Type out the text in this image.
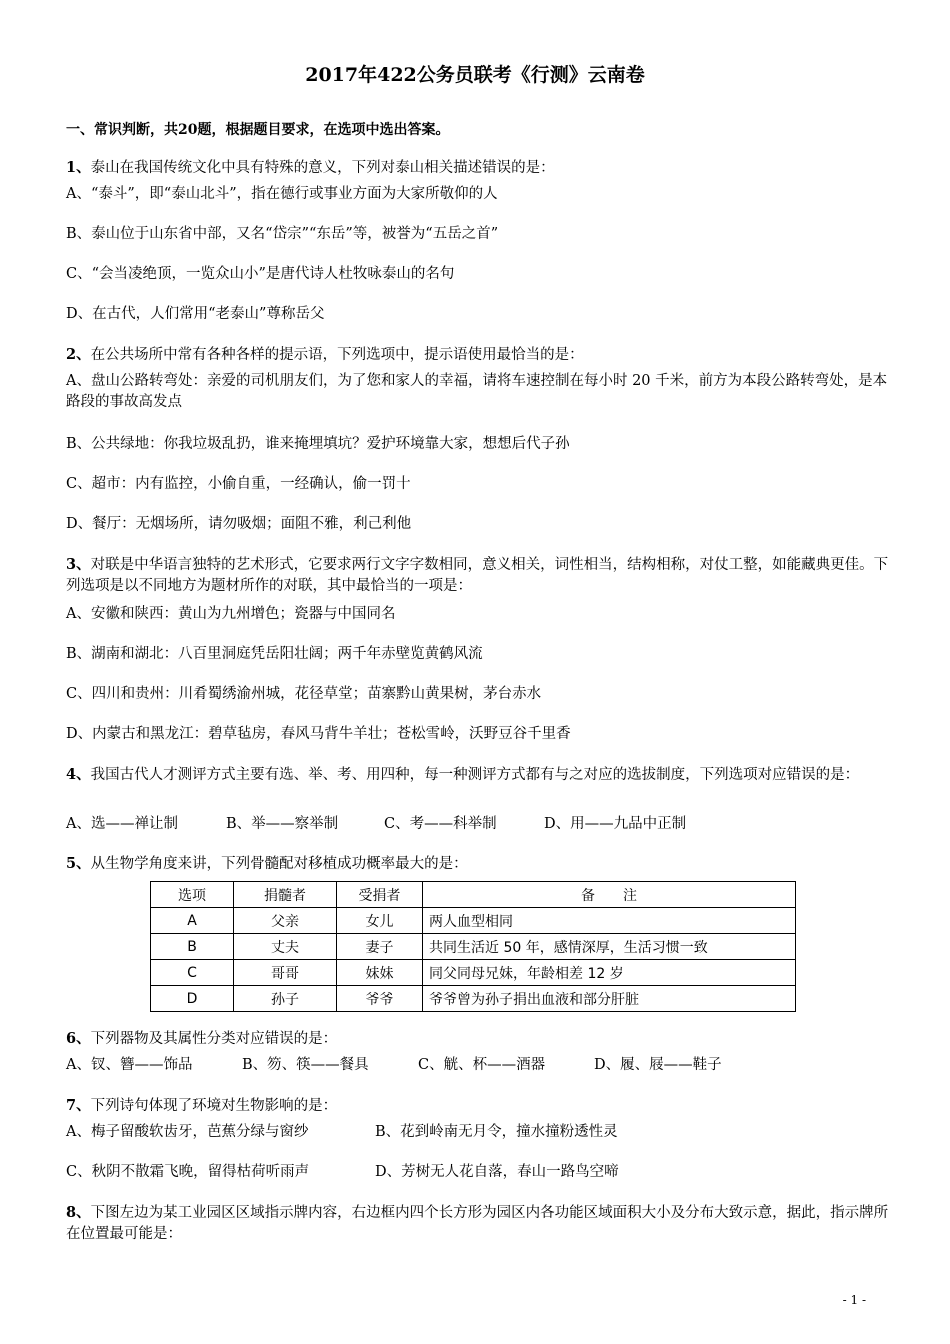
2017年422公务员联考《行测》云南卷
一、常识判断，共20题，根据题目要求，在选项中选出答案。
1、泰山在我国传统文化中具有特殊的意义，下列对泰山相关描述错误的是：
A、“泰斗”，即“泰山北斗”，指在德行或事业方面为大家所敬仰的人
B、泰山位于山东省中部，又名“岱宗”“东岳”等，被誉为“五岳之首”
C、“会当凌绝顶，一览众山小”是唐代诗人杜牧咏泰山的名句
D、在古代，人们常用“老泰山”尊称岳父
2、在公共场所中常有各种各样的提示语，下列选项中，提示语使用最恰当的是：
A、盘山公路转弯处：亲爱的司机朋友们，为了您和家人的幸福，请将车速控制在每小时 20 千米，前方为本段公路转弯处，是本路段的事故高发点
B、公共绿地：你我垃圾乱扔，谁来掩埋填坑？爱护环境靠大家，想想后代子孙
C、超市：内有监控，小偷自重，一经确认，偷一罚十
D、餐厅：无烟场所，请勿吸烟；面阻不雅，利己利他
3、对联是中华语言独特的艺术形式，它要求两行文字字数相同，意义相关，词性相当，结构相称，对仗工整，如能藏典更佳。下列选项是以不同地方为题材所作的对联，其中最恰当的一项是：
A、安徽和陕西：黄山为九州增色；瓷器与中国同名
B、湖南和湖北：八百里洞庭凭岳阳壮阔；两千年赤壁览黄鹤风流
C、四川和贵州：川肴蜀绣渝州城，花径草堂；苗寨黔山黄果树，茅台赤水
D、内蒙古和黑龙江：碧草毡房，春风马背牛羊壮；苍松雪岭，沃野豆谷千里香
4、我国古代人才测评方式主要有选、举、考、用四种，每一种测评方式都有与之对应的选拔制度，下列选项对应错误的是：
A、选——禅让制	B、举——察举制	C、考——科举制	D、用——九品中正制
5、从生物学角度来讲，下列骨髓配对移植成功概率最大的是：
选项	捐髓者	受捐者	备　　注
A	父亲	女儿	两人血型相同
B	丈夫	妻子	共同生活近 50 年，感情深厚，生活习惯一致
C	哥哥	妹妹	同父同母兄妹，年龄相差 12 岁
D	孙子	爷爷	爷爷曾为孙子捐出血液和部分肝脏
6、下列器物及其属性分类对应错误的是：
A、钗、簪——饰品	B、笏、筷——餐具	C、觥、杯——酒器	D、履、屐——鞋子
7、下列诗句体现了环境对生物影响的是：
A、梅子留酸软齿牙，芭蕉分绿与窗纱	B、花到岭南无月令，撞水撞粉透性灵
C、秋阴不散霜飞晚，留得枯荷听雨声	D、芳树无人花自落，春山一路鸟空啼
8、下图左边为某工业园区区域指示牌内容，右边框内四个长方形为园区内各功能区域面积大小及分布大致示意，据此，指示牌所在位置最可能是：
- 1 -
